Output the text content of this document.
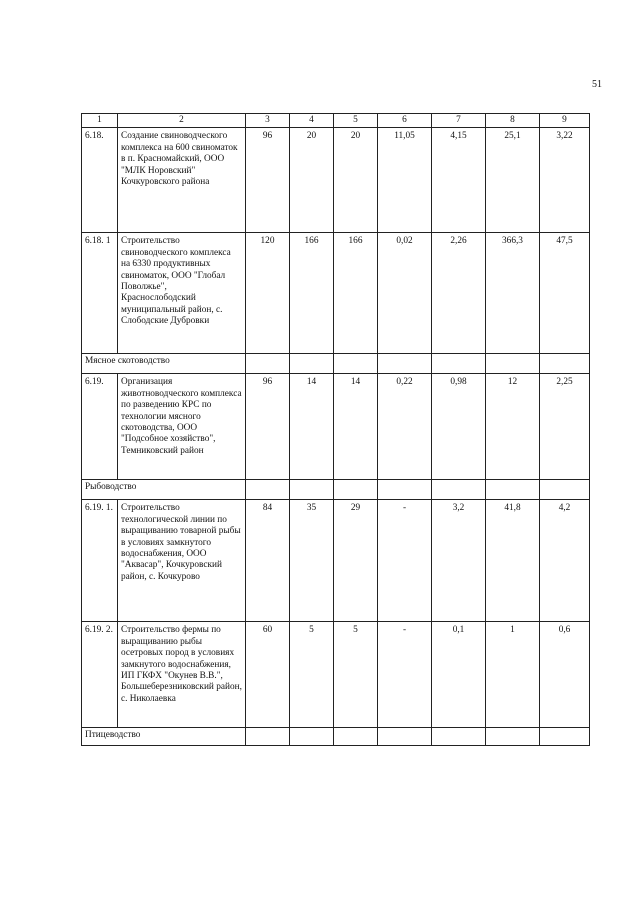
51
1	2	3	4	5	6	7	8	9
6.18.	Создание свиноводческого комплекса на 600 свиноматок в п. Красномайский, ООО "МЛК Норовский" Кочкуровского района	96	20	20	11,05	4,15	25,1	3,22
6.18. 1	Строительство свиноводческого комплекса на 6330 продуктивных свиноматок, ООО "Глобал Поволжье", Краснослободский муниципальный район, с. Слободские Дубровки	120	166	166	0,02	2,26	366,3	47,5
Мясное скотоводство								
6.19.	Организация животноводческого комплекса по разведению КРС по технологии мясного скотоводства, ООО "Подсобное хозяйство", Темниковский район	96	14	14	0,22	0,98	12	2,25
Рыбоводство								
6.19. 1.	Строительство технологической линии по выращиванию товарной рыбы в условиях замкнутого водоснабжения, ООО "Аквасар", Кочкуровский район, с. Кочкурово	84	35	29	-	3,2	41,8	4,2
6.19. 2.	Строительство фермы по выращиванию рыбы осетровых пород в условиях замкнутого водоснабжения, ИП ГКФХ "Окунев В.В.", Большеберезниковский район, с. Николаевка	60	5	5	-	0,1	1	0,6
Птицеводство								
